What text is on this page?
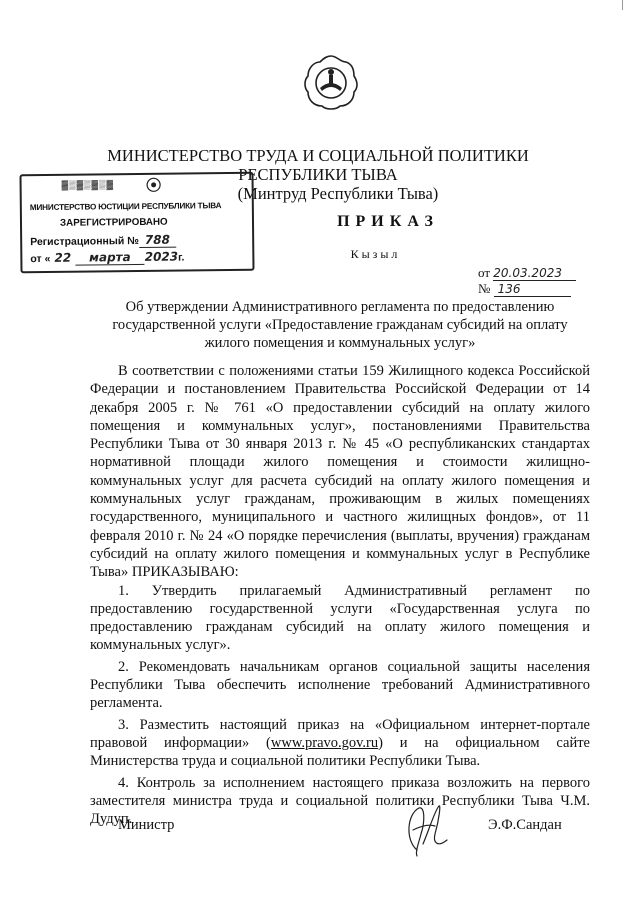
МИНИСТЕРСТВО ТРУДА И СОЦИАЛЬНОЙ ПОЛИТИКИ
РЕСПУБЛИКИ ТЫВА
(Минтруд Республики Тыва)
▓▒▓▒▓▒▓
МИНИСТЕРСТВО ЮСТИЦИИ РЕСПУБЛИКИ ТЫВА
ЗАРЕГИСТРИРОВАНО
Регистрационный № 788
от « 22 марта 2023г.
ПРИКАЗ
Кызыл
от 20.03.2023
№ 136
Об утверждении Административного регламента по предоставлению государственной услуги «Предоставление гражданам субсидий на оплату жилого помещения и коммунальных услуг»

В соответствии с положениями статьи 159 Жилищного кодекса Российской Федерации и постановлением Правительства Российской Федерации от 14 декабря 2005 г. № 761 «О предоставлении субсидий на оплату жилого помещения и коммунальных услуг», постановлениями Правительства Республики Тыва от 30 января 2013 г. № 45 «О республиканских стандартах нормативной площади жилого помещения и стоимости жилищно-коммунальных услуг для расчета субсидий на оплату жилого помещения и коммунальных услуг гражданам, проживающим в жилых помещениях государственного, муниципального и частного жилищных фондов», от 11 февраля 2010 г. № 24 «О порядке перечисления (выплаты, вручения) гражданам субсидий на оплату жилого помещения и коммунальных услуг в Республике Тыва» ПРИКАЗЫВАЮ:

1. Утвердить прилагаемый Административный регламент по предоставлению государственной услуги «Государственная услуга по предоставлению гражданам субсидий на оплату жилого помещения и коммунальных услуг».

2. Рекомендовать начальникам органов социальной защиты населения Республики Тыва обеспечить исполнение требований Административного регламента.

3. Разместить настоящий приказ на «Официальном интернет-портале правовой информации» (www.pravo.gov.ru) и на официальном сайте Министерства труда и социальной политики Республики Тыва.

4. Контроль за исполнением настоящего приказа возложить на первого заместителя министра труда и социальной политики Республики Тыва Ч.М. Дудуп.

Министр	Э.Ф.Сандан
